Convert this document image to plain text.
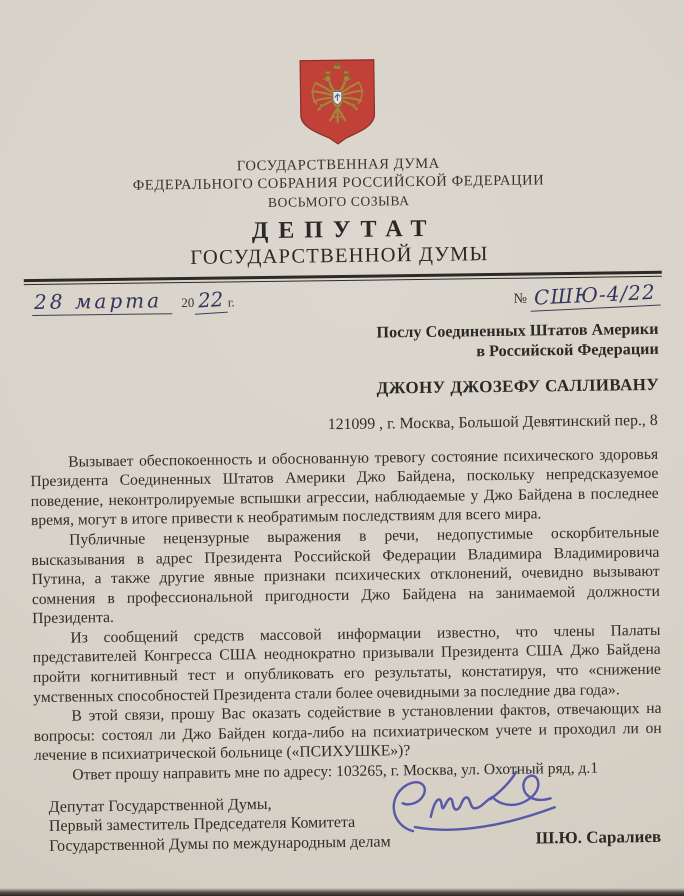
ГОСУДАРСТВЕННАЯ ДУМА
ФЕДЕРАЛЬНОГО СОБРАНИЯ РОССИЙСКОЙ ФЕДЕРАЦИИ
ВОСЬМОГО СОЗЫВА
ДЕПУТАТ
ГОСУДАРСТВЕННОЙ ДУМЫ
28 марта 20 22 г.	№ СШЮ-4/22
Послу Соединенных Штатов Америки
в Российской Федерации
ДЖОНУ ДЖОЗЕФУ САЛЛИВАНУ
121099 , г. Москва, Большой Девятинский пер., 8

Вызывает обеспокоенность и обоснованную тревогу состояние психического здоровья Президента Соединенных Штатов Америки Джо Байдена, поскольку непредсказуемое поведение, неконтролируемые вспышки агрессии, наблюдаемые у Джо Байдена в последнее время, могут в итоге привести к необратимым последствиям для всего мира.

Публичные нецензурные выражения в речи, недопустимые оскорбительные высказывания в адрес Президента Российской Федерации Владимира Владимировича Путина, а также другие явные признаки психических отклонений, очевидно вызывают сомнения в профессиональной пригодности Джо Байдена на занимаемой должности Президента.

Из сообщений средств массовой информации известно, что члены Палаты представителей Конгресса США неоднократно призывали Президента США Джо Байдена пройти когнитивный тест и опубликовать его результаты, констатируя, что «снижение умственных способностей Президента стали более очевидными за последние два года».

В этой связи, прошу Вас оказать содействие в установлении фактов, отвечающих на вопросы: состоял ли Джо Байден когда-либо на психиатрическом учете и проходил ли он лечение в психиатрической больнице («ПСИХУШКЕ»)?

Ответ прошу направить мне по адресу: 103265, г. Москва, ул. Охотный ряд, д.1

Депутат Государственной Думы,
Первый заместитель Председателя Комитета
Государственной Думы по международным делам	Ш.Ю. Саралиев
